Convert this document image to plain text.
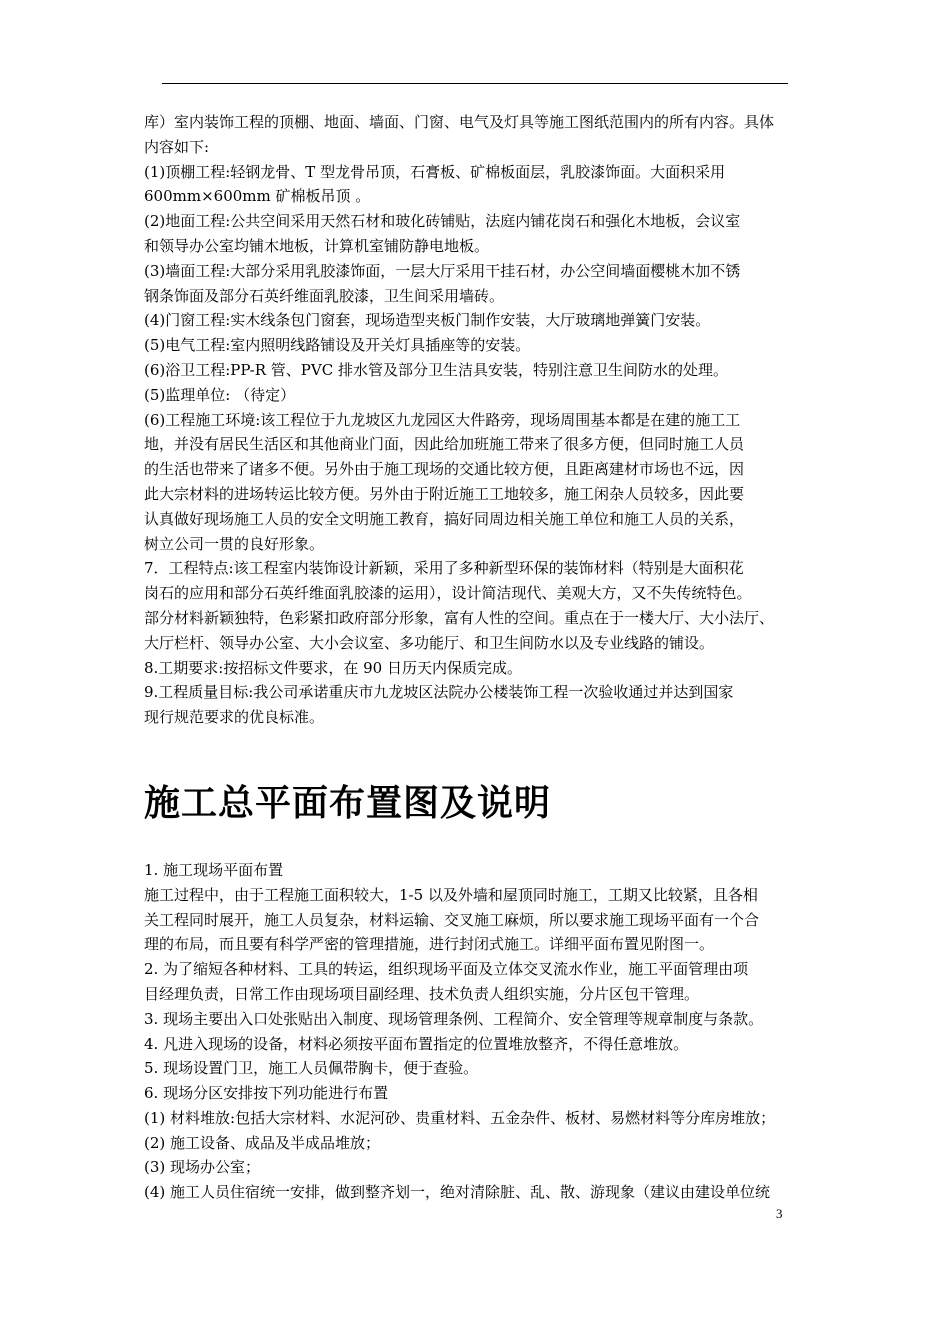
库）室内装饰工程的顶棚、地面、墙面、门窗、电气及灯具等施工图纸范围内的所有内容。具体
内容如下:
(1)顶棚工程:轻钢龙骨、T 型龙骨吊顶，石膏板、矿棉板面层，乳胶漆饰面。大面积采用
600mm×600mm 矿棉板吊顶 。
(2)地面工程:公共空间采用天然石材和玻化砖铺贴，法庭内铺花岗石和强化木地板，会议室
和领导办公室均铺木地板，计算机室铺防静电地板。
(3)墙面工程:大部分采用乳胶漆饰面，一层大厅采用干挂石材，办公空间墙面樱桃木加不锈
钢条饰面及部分石英纤维面乳胶漆，卫生间采用墙砖。
(4)门窗工程:实木线条包门窗套，现场造型夹板门制作安装，大厅玻璃地弹簧门安装。
(5)电气工程:室内照明线路铺设及开关灯具插座等的安装。
(6)浴卫工程:PP-R 管、PVC 排水管及部分卫生洁具安装，特别注意卫生间防水的处理。
(5)监理单位: （待定）
(6)工程施工环境:该工程位于九龙坡区九龙园区大件路旁，现场周围基本都是在建的施工工
地，并没有居民生活区和其他商业门面，因此给加班施工带来了很多方便，但同时施工人员
的生活也带来了诸多不便。另外由于施工现场的交通比较方便，且距离建材市场也不远，因
此大宗材料的进场转运比较方便。另外由于附近施工工地较多，施工闲杂人员较多，因此要
认真做好现场施工人员的安全文明施工教育，搞好同周边相关施工单位和施工人员的关系，
树立公司一贯的良好形象。
7．工程特点:该工程室内装饰设计新颖，采用了多种新型环保的装饰材料（特别是大面积花
岗石的应用和部分石英纤维面乳胶漆的运用），设计简洁现代、美观大方，又不失传统特色。
部分材料新颖独特，色彩紧扣政府部分形象，富有人性的空间。重点在于一楼大厅、大小法厅、
大厅栏杆、领导办公室、大小会议室、多功能厅、和卫生间防水以及专业线路的铺设。
8.工期要求:按招标文件要求，在 90 日历天内保质完成。
9.工程质量目标:我公司承诺重庆市九龙坡区法院办公楼装饰工程一次验收通过并达到国家
现行规范要求的优良标准。
施工总平面布置图及说明
1. 施工现场平面布置
施工过程中，由于工程施工面积较大，1-5 以及外墙和屋顶同时施工，工期又比较紧，且各相
关工程同时展开，施工人员复杂，材料运输、交叉施工麻烦，所以要求施工现场平面有一个合
理的布局，而且要有科学严密的管理措施，进行封闭式施工。详细平面布置见附图一。
2. 为了缩短各种材料、工具的转运，组织现场平面及立体交叉流水作业，施工平面管理由项
目经理负责，日常工作由现场项目副经理、技术负责人组织实施，分片区包干管理。
3. 现场主要出入口处张贴出入制度、现场管理条例、工程简介、安全管理等规章制度与条款。
4. 凡进入现场的设备，材料必须按平面布置指定的位置堆放整齐，不得任意堆放。
5. 现场设置门卫，施工人员佩带胸卡，便于查验。
6. 现场分区安排按下列功能进行布置
(1) 材料堆放:包括大宗材料、水泥河砂、贵重材料、五金杂件、板材、易燃材料等分库房堆放；
(2) 施工设备、成品及半成品堆放；
(3) 现场办公室；
(4) 施工人员住宿统一安排，做到整齐划一，绝对清除脏、乱、散、游现象（建议由建设单位统
3
